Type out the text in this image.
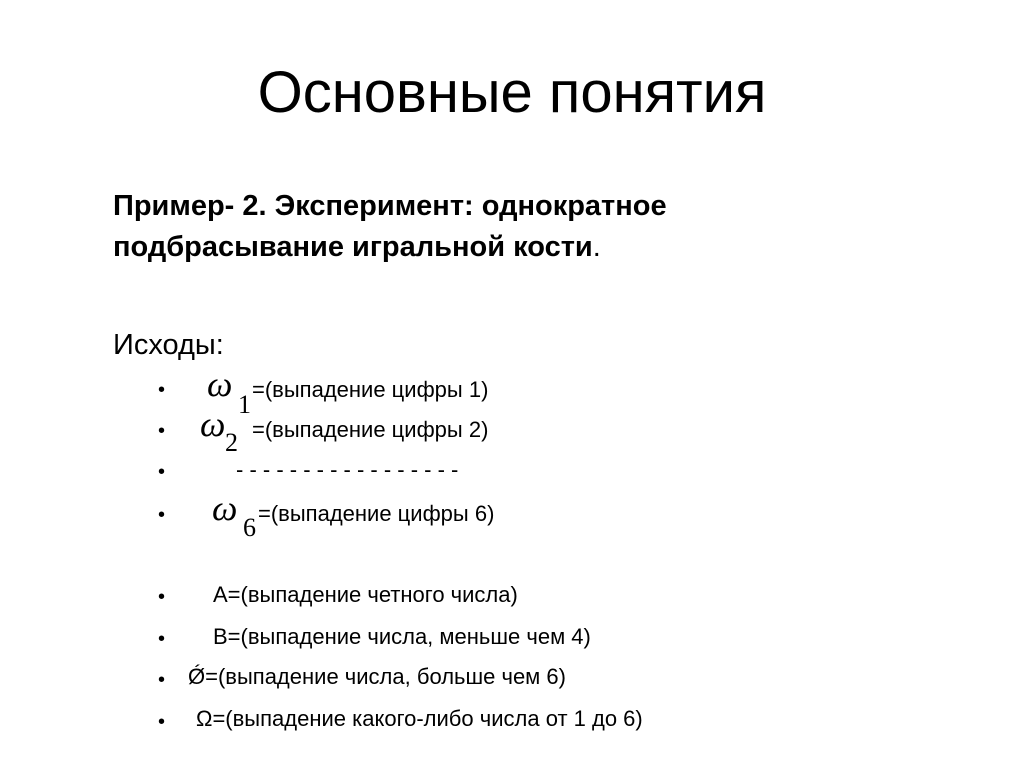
Основные понятия
Пример- 2. Эксперимент: однократное
подбрасывание игральной кости.
Исходы:
• ω
1
=(выпадение цифры 1)
• ω 2 =(выпадение цифры 2)
•	- - - - - - - - - - - - - - - - -
• ω 6 =(выпадение цифры 6)
• A=(выпадение четного числа)
• B=(выпадение числа, меньше чем 4)
• Ǿ=(выпадение числа, больше чем 6)
• Ω=(выпадение какого-либо числа от 1 до 6)
